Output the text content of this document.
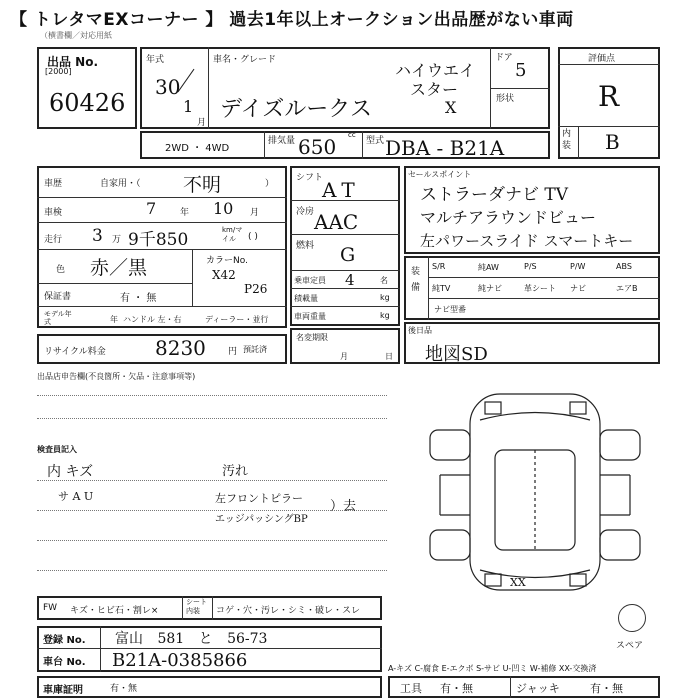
【 トレタマEXコーナー 】 過去1年以上オークション出品歴がない車両
（横書欄／対応用紙
出品 No.
[2000]
60426
年式
30
1
月
車名・グレード
ハイウエイ
スター
X
デイズルークス
ドア
5
形状
評価点
R
内装 B
2WD ・ 4WD
排気量
cc
650	型式 DBA - B21A
車歴	自家用・（ 不明	）
車検	7	年 10 月
走行 3 万 9千850	km/マイル	( )
色 赤／黒	カラーNo.
X42
P26
保証書	有 ・ 無
モデル年式	年 ハンドル 左・右	ディーラー・並行
リサイクル料金 8230 円 預託済
シフト
AT
冷房 AAC
燃料 G
乗車定員 4	名
積載量	kg
車両重量	kg
名変期限
月	日
セールスポイント
ストラーダナビ TV
マルチアラウンドビュー
左パワースライド スマートキー
装備
S/R	純AW	P/S	P/W	ABS
純TV	純ナビ	革シート ナビ	エアB
ナビ型番
後日品
地図SD
出品店申告欄(不良箇所・欠品・注意事項等)
検査員記入
内 キズ
サ A U
汚れ
左フロントピラー
エッジパッシングBP
）去
XX
スペア
FW キズ・ヒビ石・割レ×
シート内装	コゲ・穴・汚レ・シミ・破レ・スレ
登録 No. 富山 581 と 56-73
車台 No. B21A-0385866	A-キズ C-腐食 E-エクボ S-サビ U-凹ミ W-補修 XX-交換済
車庫証明	有・無	工具 有・無	ジャッキ	有・無
